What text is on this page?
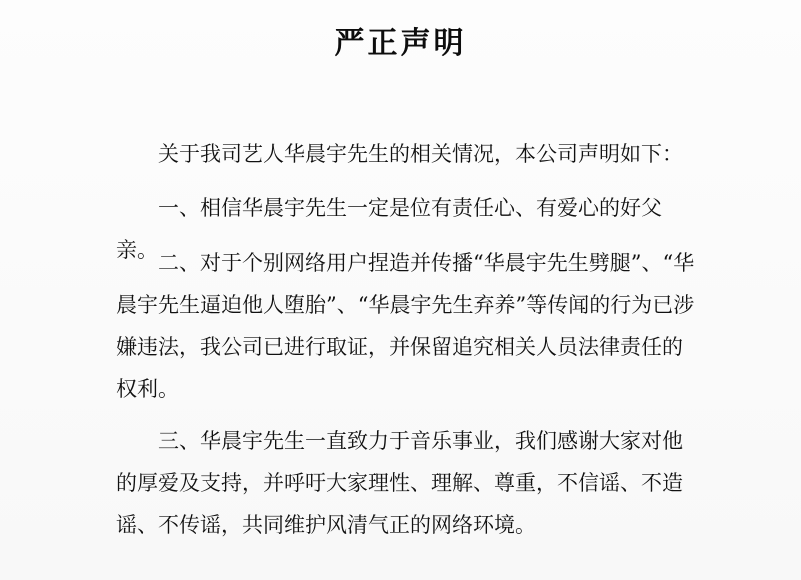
严正声明
关于我司艺人华晨宇先生的相关情况，本公司声明如下：
一、相信华晨宇先生一定是位有责任心、有爱心的好父亲。
二、对于个别网络用户捏造并传播“华晨宇先生劈腿”、“华晨宇先生逼迫他人堕胎”、“华晨宇先生弃养”等传闻的行为已涉嫌违法，我公司已进行取证，并保留追究相关人员法律责任的权利。
三、华晨宇先生一直致力于音乐事业，我们感谢大家对他的厚爱及支持，并呼吁大家理性、理解、尊重，不信谣、不造谣、不传谣，共同维护风清气正的网络环境。
